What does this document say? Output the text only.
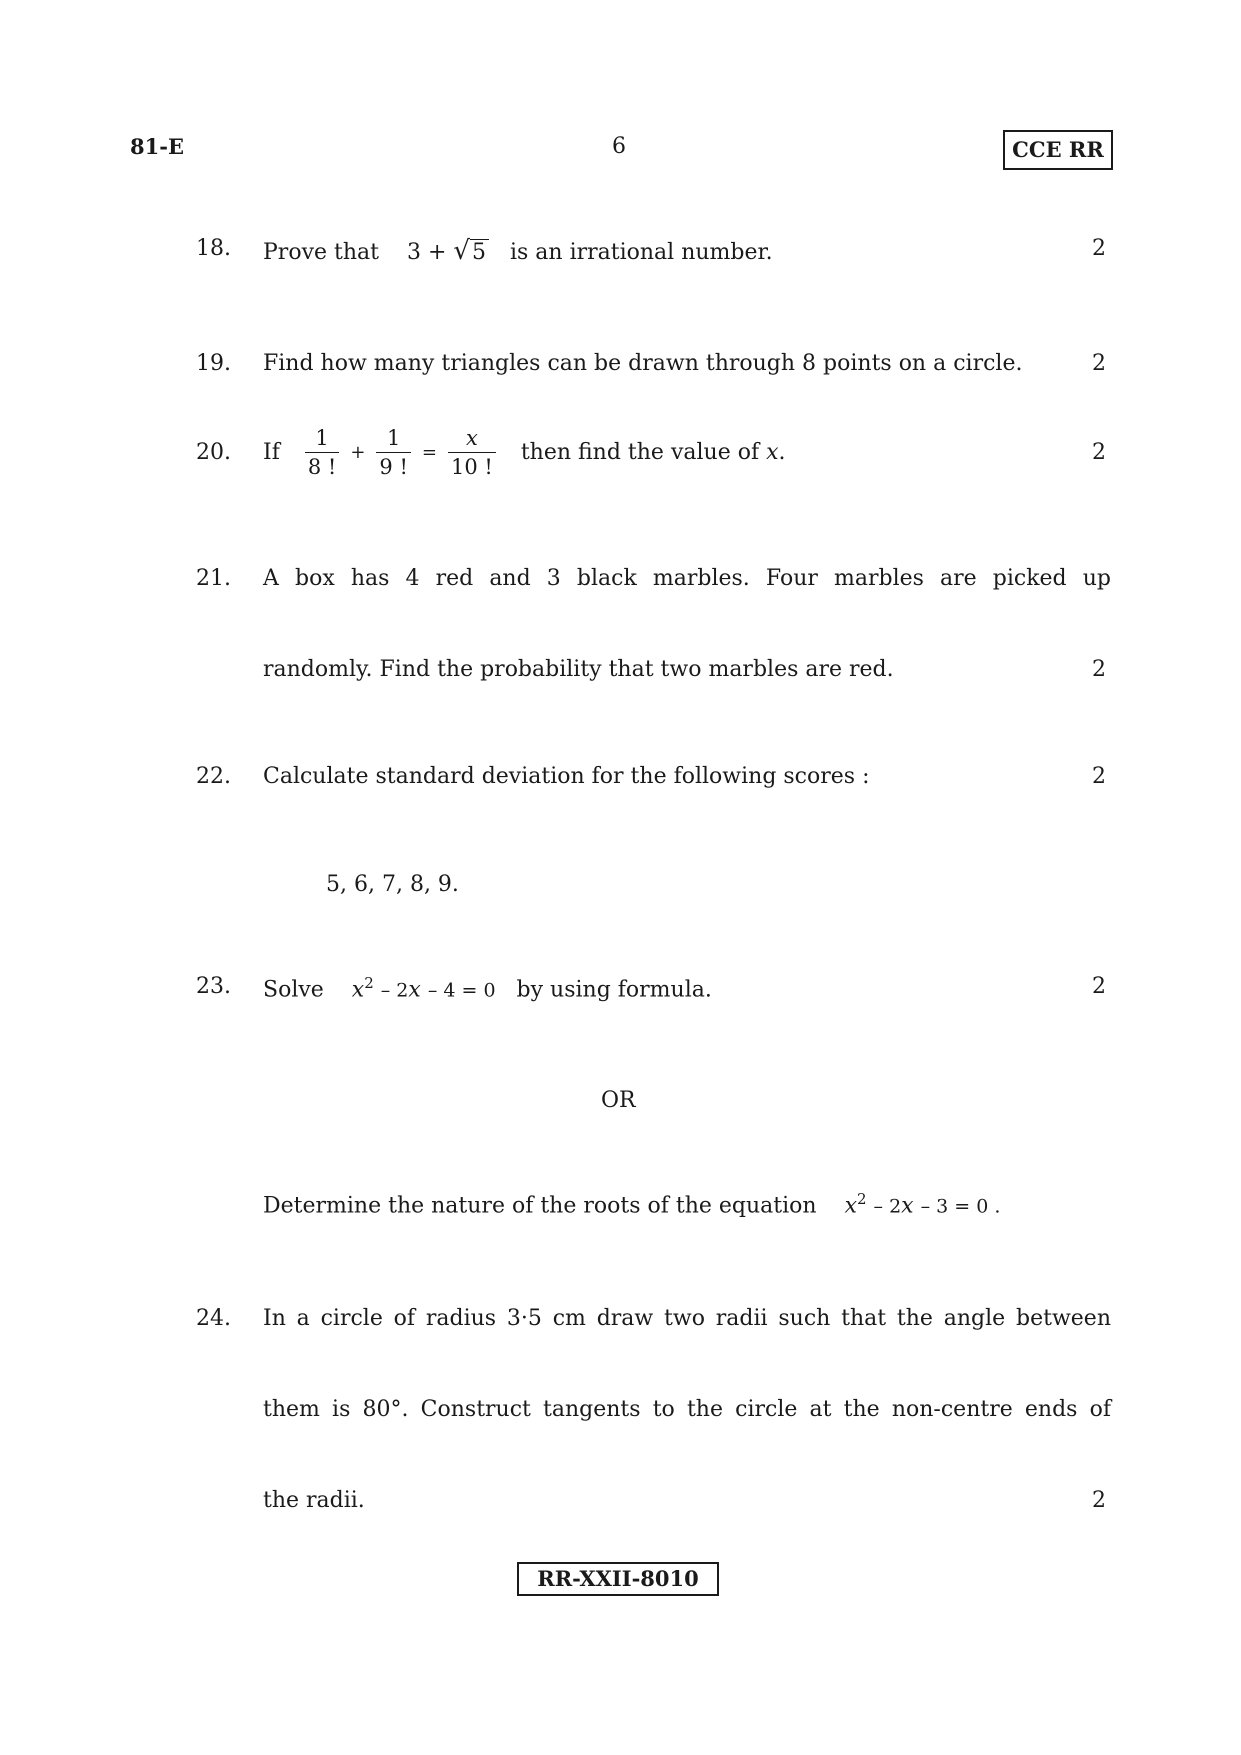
81-E	6	CCE RR
18. Prove that 3 + √5 is an irrational number.	2
19. Find how many triangles can be drawn through 8 points on a circle.	2
20. If $\frac{1}{8 !} + \frac{1}{9 !} = \frac{x}{10 !}$ then find the value of x.	2
21. A box has 4 red and 3 black marbles. Four marbles are picked up
randomly. Find the probability that two marbles are red.	2
22. Calculate standard deviation for the following scores :	2
5, 6, 7, 8, 9.
23. Solve $x^2 - 2x - 4 = 0$ by using formula.	2
OR
Determine the nature of the roots of the equation $x^2 - 2x - 3 = 0$ .
24. In a circle of radius 3·5 cm draw two radii such that the angle between
them is 80°. Construct tangents to the circle at the non-centre ends of
the radii.	2
RR-XXII-8010
